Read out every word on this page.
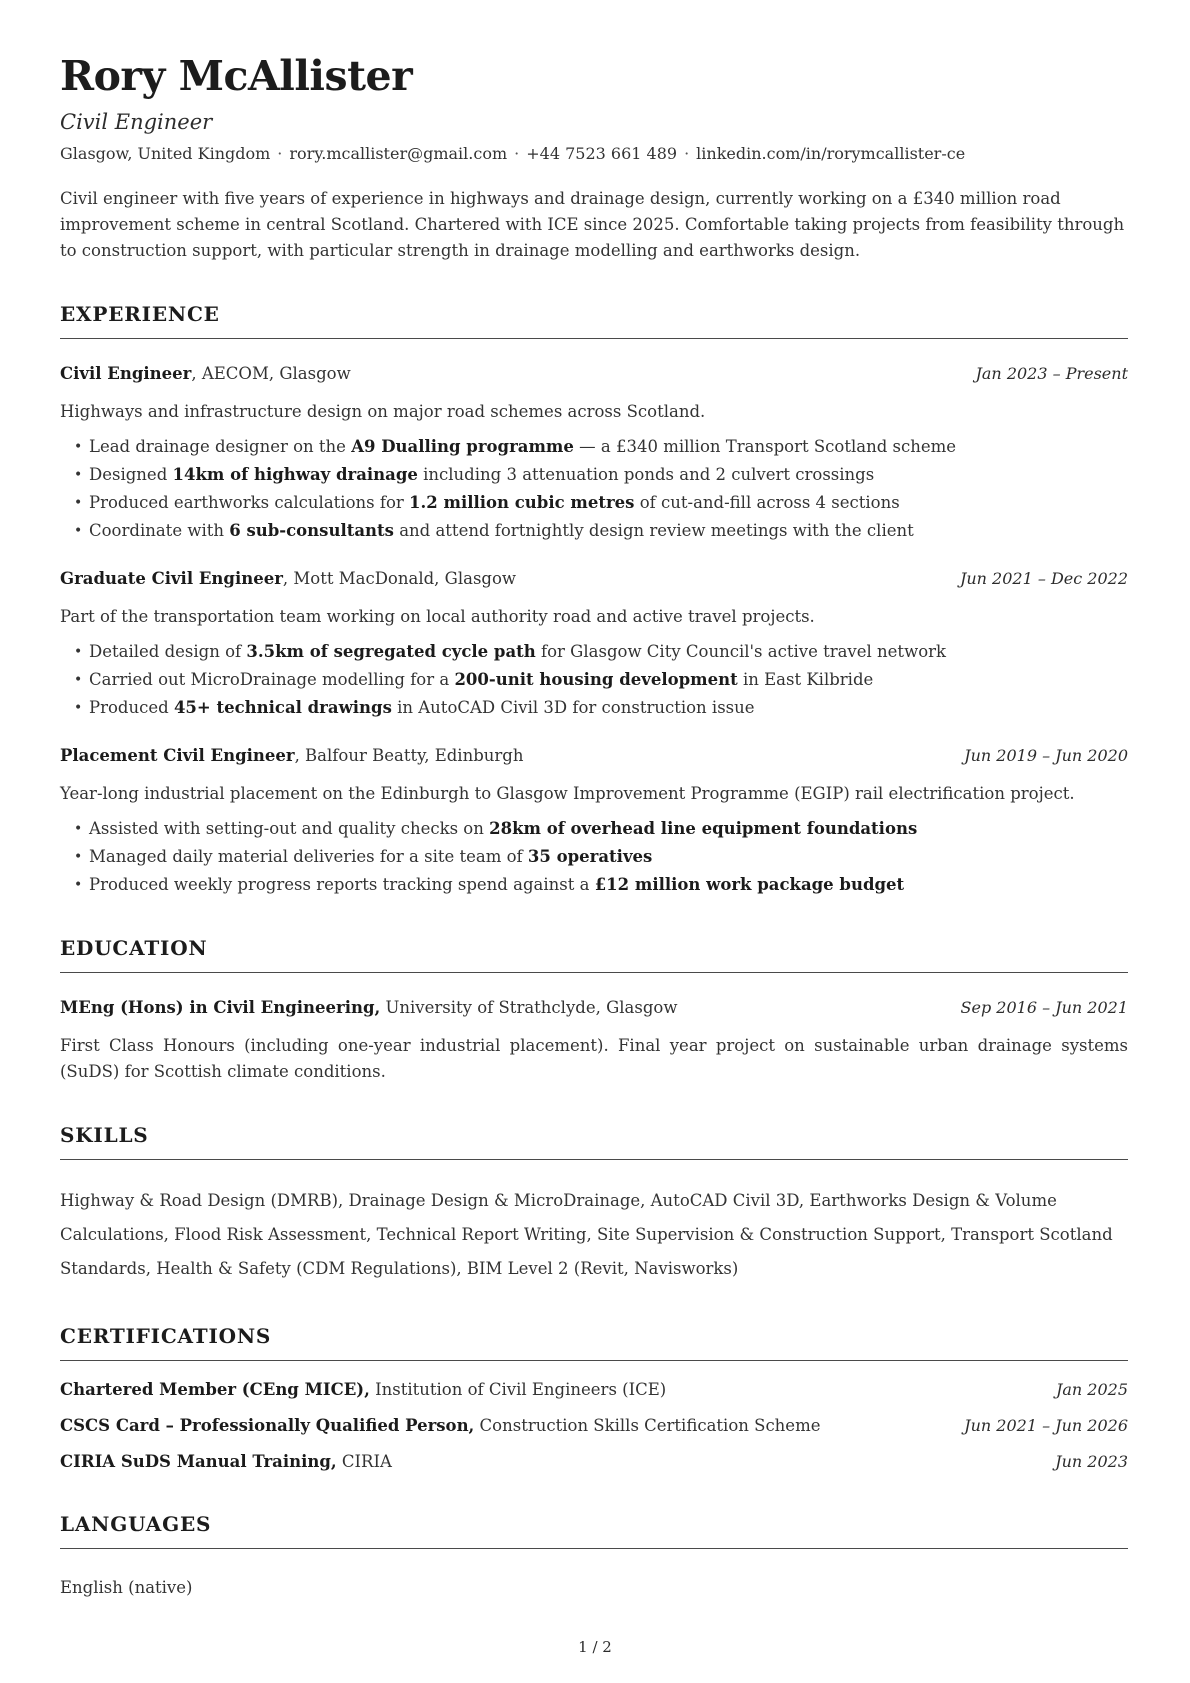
Rory McAllister
Civil Engineer
Glasgow, United Kingdom · rory.mcallister@gmail.com · +44 7523 661 489 · linkedin.com/in/rorymcallister-ce

Civil engineer with five years of experience in highways and drainage design, currently working on a £340 million road improvement scheme in central Scotland. Chartered with ICE since 2025. Comfortable taking projects from feasibility through to construction support, with particular strength in drainage modelling and earthworks design.

EXPERIENCE
Civil Engineer, AECOM, Glasgow	Jan 2023 – Present

Highways and infrastructure design on major road schemes across Scotland.

• Lead drainage designer on the A9 Dualling programme — a £340 million Transport Scotland scheme
• Designed 14km of highway drainage including 3 attenuation ponds and 2 culvert crossings
• Produced earthworks calculations for 1.2 million cubic metres of cut-and-fill across 4 sections
• Coordinate with 6 sub-consultants and attend fortnightly design review meetings with the client
Graduate Civil Engineer, Mott MacDonald, Glasgow	Jun 2021 – Dec 2022

Part of the transportation team working on local authority road and active travel projects.

• Detailed design of 3.5km of segregated cycle path for Glasgow City Council's active travel network
• Carried out MicroDrainage modelling for a 200-unit housing development in East Kilbride
• Produced 45+ technical drawings in AutoCAD Civil 3D for construction issue
Placement Civil Engineer, Balfour Beatty, Edinburgh	Jun 2019 – Jun 2020

Year-long industrial placement on the Edinburgh to Glasgow Improvement Programme (EGIP) rail electrification project.

• Assisted with setting-out and quality checks on 28km of overhead line equipment foundations
• Managed daily material deliveries for a site team of 35 operatives
• Produced weekly progress reports tracking spend against a £12 million work package budget
EDUCATION
MEng (Hons) in Civil Engineering, University of Strathclyde, Glasgow	Sep 2016 – Jun 2021

First Class Honours (including one-year industrial placement). Final year project on sustainable urban drainage systems (SuDS) for Scottish climate conditions.

SKILLS

Highway & Road Design (DMRB), Drainage Design & MicroDrainage, AutoCAD Civil 3D, Earthworks Design & Volume Calculations, Flood Risk Assessment, Technical Report Writing, Site Supervision & Construction Support, Transport Scotland Standards, Health & Safety (CDM Regulations), BIM Level 2 (Revit, Navisworks)

CERTIFICATIONS
Chartered Member (CEng MICE), Institution of Civil Engineers (ICE)	Jan 2025
CSCS Card – Professionally Qualified Person, Construction Skills Certification Scheme	Jun 2021 – Jun 2026
CIRIA SuDS Manual Training, CIRIA	Jun 2023
LANGUAGES

English (native)

1 / 2
